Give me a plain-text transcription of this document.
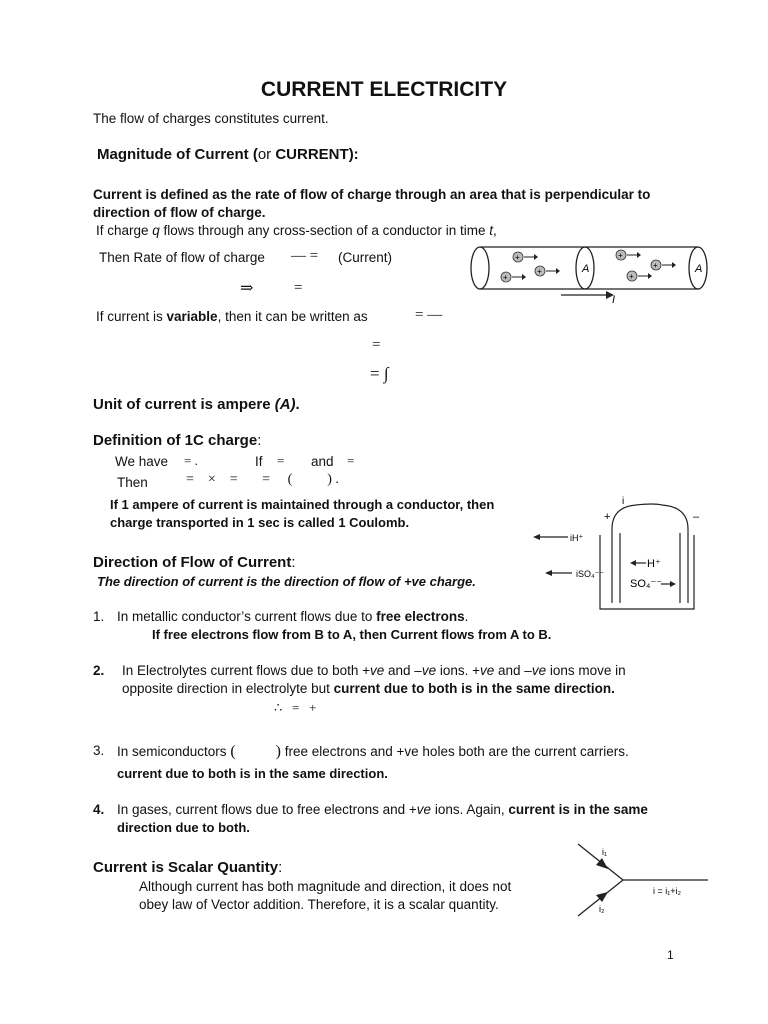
CURRENT ELECTRICITY
The flow of charges constitutes current.
Magnitude of Current (or CURRENT):
Current is defined as the rate of flow of charge through an area that is perpendicular to
direction of flow of charge.
If charge q flows through any cross-section of a conductor in time t,
Then Rate of flow of charge — = (Current)
⇒	=
If current is variable, then it can be written as	= —
=
= ∫
Unit of current is ampere (A).
Definition of 1C charge:
We have = .	If = and =
Then	=    ×    =       =     (          ) .
If 1 ampere of current is maintained through a conductor, then
charge transported in 1 sec is called 1 Coulomb.
Direction of Flow of Current:
The direction of current is the direction of flow of +ve charge.
1. In metallic conductor’s current flows due to free electrons.
If free electrons flow from B to A, then Current flows from A to B.
2. In Electrolytes current flows due to both +ve and –ve ions. +ve and –ve ions move in
opposite direction in electrolyte but current due to both is in the same direction.
∴   =   +
3. In semiconductors (          ) free electrons and +ve holes both are the current carriers.
current due to both is in the same direction.
4. In gases, current flows due to free electrons and +ve ions. Again, current is in the same
direction due to both.
Current is Scalar Quantity:
Although current has both magnitude and direction, it does not
obey law of Vector addition. Therefore, it is a scalar quantity.
1
+
+
+
+
+
+
A	A
I
i
+	–
iH⁺
iSO₄⁻⁻
H⁺
SO₄⁻⁻
i₁
i₂
i = i₁+i₂
